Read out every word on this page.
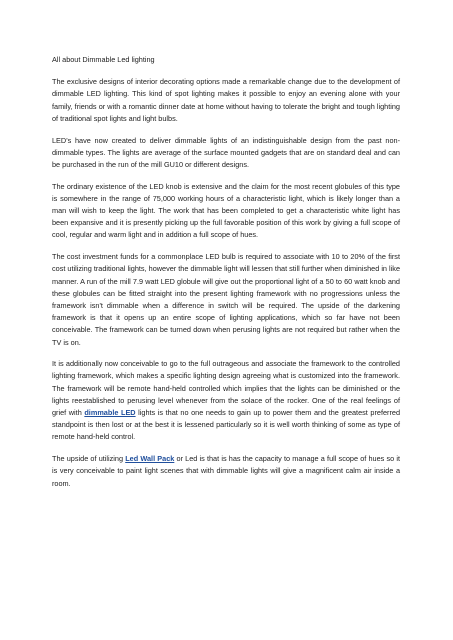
All about Dimmable Led lighting

The exclusive designs of interior decorating options made a remarkable change due to the development of dimmable LED lighting. This kind of spot lighting makes it possible to enjoy an evening alone with your family, friends or with a romantic dinner date at home without having to tolerate the bright and tough lighting of traditional spot lights and light bulbs.

LED's have now created to deliver dimmable lights of an indistinguishable design from the past non-dimmable types. The lights are average of the surface mounted gadgets that are on standard deal and can be purchased in the run of the mill GU10 or different designs.

The ordinary existence of the LED knob is extensive and the claim for the most recent globules of this type is somewhere in the range of 75,000 working hours of a characteristic light, which is likely longer than a man will wish to keep the light. The work that has been completed to get a characteristic white light has been expansive and it is presently picking up the full favorable position of this work by giving a full scope of cool, regular and warm light and in addition a full scope of hues.

The cost investment funds for a commonplace LED bulb is required to associate with 10 to 20% of the first cost utilizing traditional lights, however the dimmable light will lessen that still further when diminished in like manner. A run of the mill 7.9 watt LED globule will give out the proportional light of a 50 to 60 watt knob and these globules can be fitted straight into the present lighting framework with no progressions unless the framework isn't dimmable when a difference in switch will be required. The upside of the darkening framework is that it opens up an entire scope of lighting applications, which so far have not been conceivable. The framework can be turned down when perusing lights are not required but rather when the TV is on.

It is additionally now conceivable to go to the full outrageous and associate the framework to the controlled lighting framework, which makes a specific lighting design agreeing what is customized into the framework. The framework will be remote hand-held controlled which implies that the lights can be diminished or the lights reestablished to perusing level whenever from the solace of the rocker. One of the real feelings of grief with dimmable LED lights is that no one needs to gain up to power them and the greatest preferred standpoint is then lost or at the best it is lessened particularly so it is well worth thinking of some as type of remote hand-held control.

The upside of utilizing Led Wall Pack or Led is that is has the capacity to manage a full scope of hues so it is very conceivable to paint light scenes that with dimmable lights will give a magnificent calm air inside a room.
